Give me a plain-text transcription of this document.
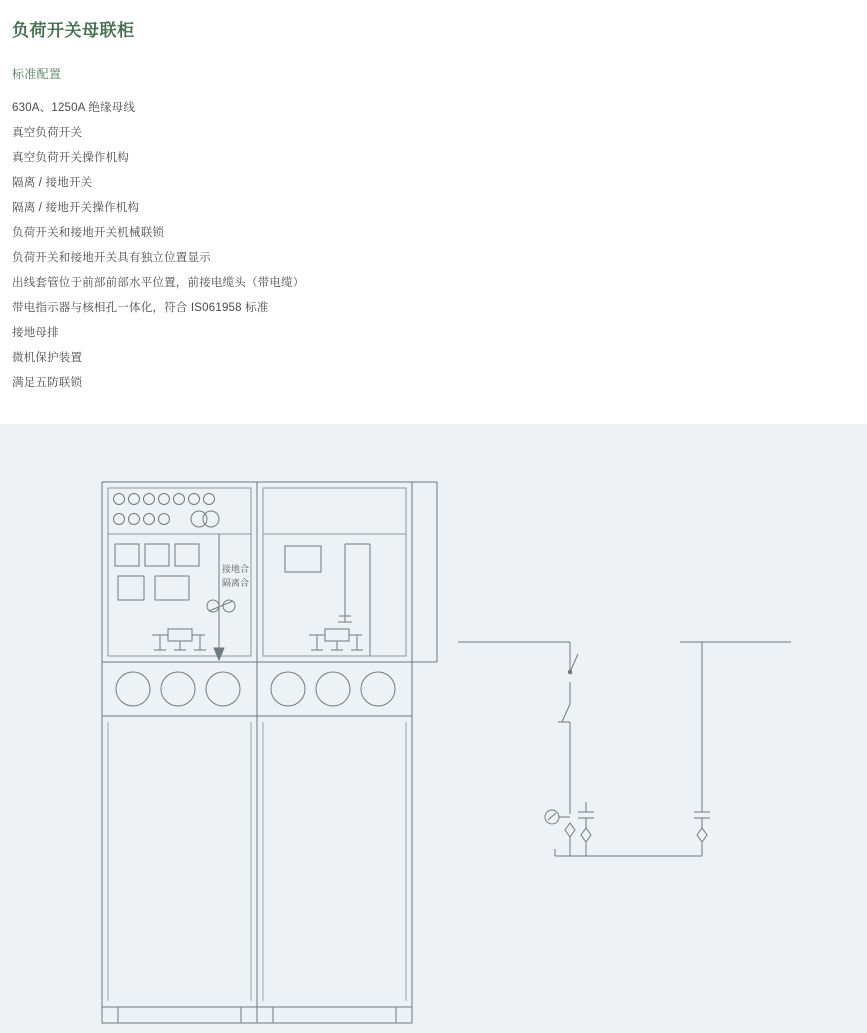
负荷开关母联柜
标准配置
630A、1250A 绝缘母线
真空负荷开关
真空负荷开关操作机构
隔离 / 接地开关
隔离 / 接地开关操作机构
负荷开关和接地开关机械联锁
负荷开关和接地开关具有独立位置显示
出线套管位于前部前部水平位置，前接电缆头（带电缆）
带电指示器与核相孔一体化，符合 IS061958 标准
接地母排
微机保护装置
满足五防联锁
接地合
隔离合
